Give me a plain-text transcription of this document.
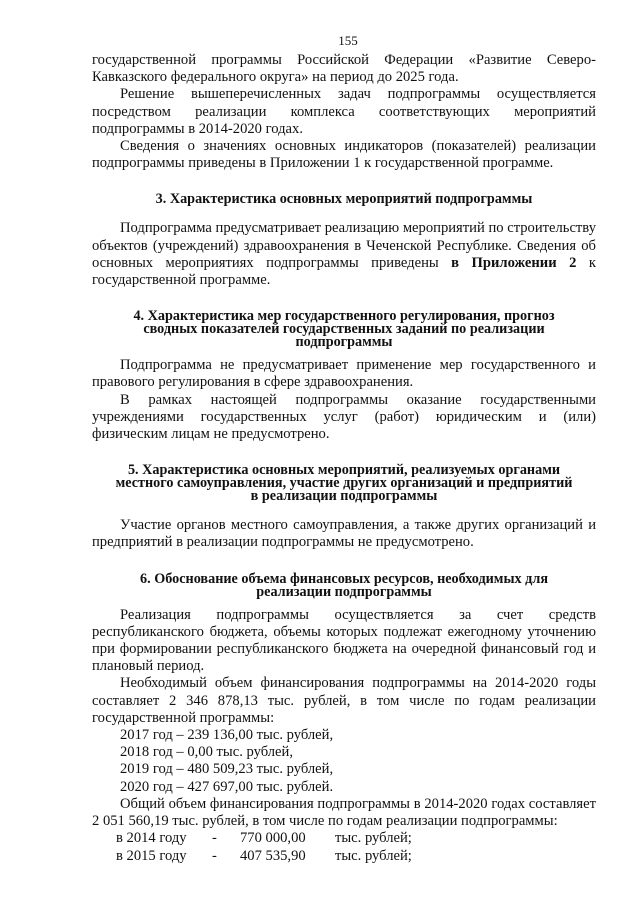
155

государственной программы Российской Федерации «Развитие Северо-Кавказского федерального округа» на период до 2025 года.

Решение вышеперечисленных задач подпрограммы осуществляется посредством реализации комплекса соответствующих мероприятий подпрограммы в 2014-2020 годах.

Сведения о значениях основных индикаторов (показателей) реализации подпрограммы приведены в Приложении 1 к государственной программе.

3. Характеристика основных мероприятий подпрограммы

Подпрограмма предусматривает реализацию мероприятий по строительству объектов (учреждений) здравоохранения в Чеченской Республике. Сведения об основных мероприятиях подпрограммы приведены в Приложении 2 к государственной программе.

4. Характеристика мер государственного регулирования, прогноз
сводных показателей государственных заданий по реализации
подпрограммы

Подпрограмма не предусматривает применение мер государственного и правового регулирования в сфере здравоохранения.

В рамках настоящей подпрограммы оказание государственными учреждениями государственных услуг (работ) юридическим и (или) физическим лицам не предусмотрено.

5. Характеристика основных мероприятий, реализуемых органами
местного самоуправления, участие других организаций и предприятий
в реализации подпрограммы

Участие органов местного самоуправления, а также других организаций и предприятий в реализации подпрограммы не предусмотрено.

6. Обоснование объема финансовых ресурсов, необходимых для
реализации подпрограммы

Реализация подпрограммы осуществляется за счет средств республиканского бюджета, объемы которых подлежат ежегодному уточнению при формировании республиканского бюджета на очередной финансовый год и плановый период.

Необходимый объем финансирования подпрограммы на 2014-2020 годы составляет 2 346 878,13 тыс. рублей, в том числе по годам реализации государственной программы:

2017 год – 239 136,00 тыс. рублей,
2018 год – 0,00 тыс. рублей,
2019 год – 480 509,23 тыс. рублей,
2020 год – 427 697,00 тыс. рублей.

Общий объем финансирования подпрограммы в 2014-2020 годах составляет 2 051 560,19 тыс. рублей, в том числе по годам реализации подпрограммы:

в 2014 году	-	770 000,00	тыс. рублей;
в 2015 году	-	407 535,90	тыс. рублей;
